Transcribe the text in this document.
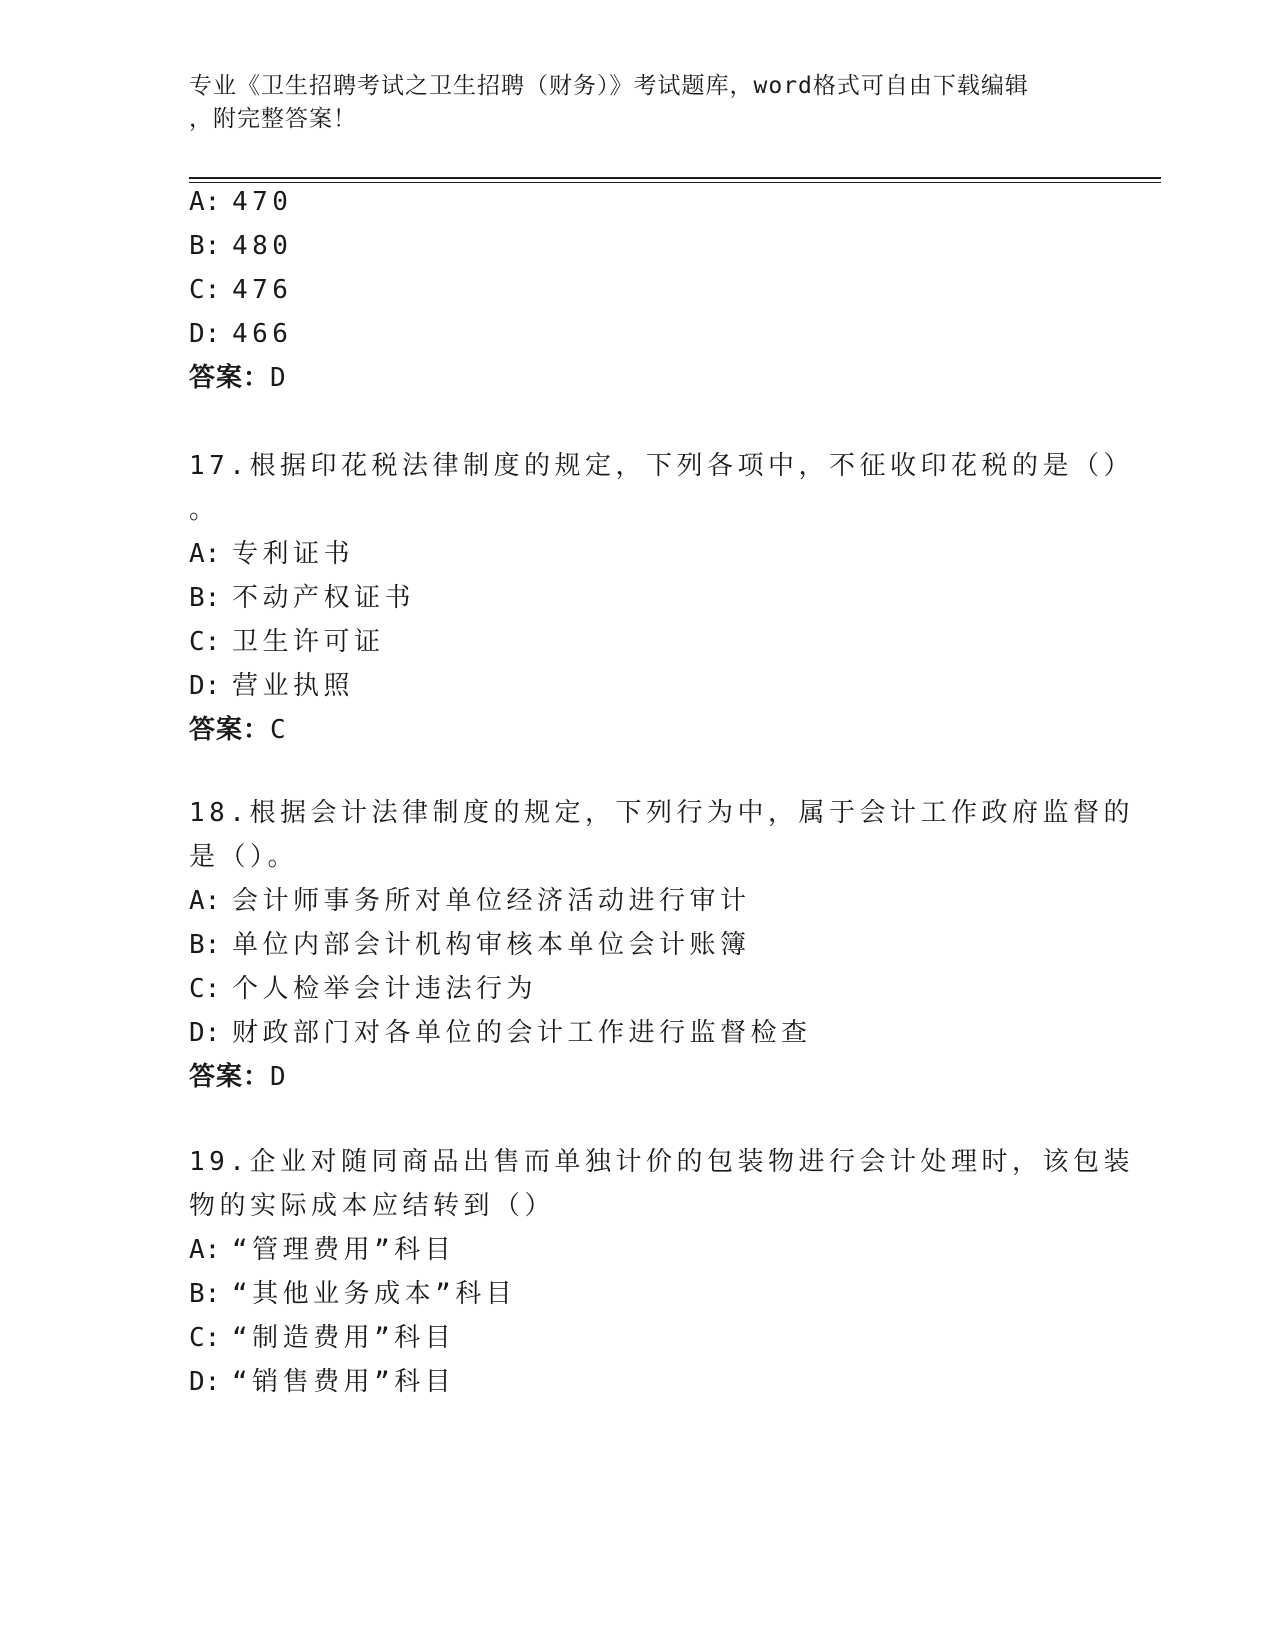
专业《卫生招聘考试之卫生招聘（财务）》考试题库，word格式可自由下载编辑
，附完整答案！
A: 470
B: 480
C: 476
D: 466
答案：D
17.根据印花税法律制度的规定，下列各项中，不征收印花税的是（）
。
A: 专利证书
B: 不动产权证书
C: 卫生许可证
D: 营业执照
答案：C
18.根据会计法律制度的规定，下列行为中，属于会计工作政府监督的
是（）。
A: 会计师事务所对单位经济活动进行审计
B: 单位内部会计机构审核本单位会计账簿
C: 个人检举会计违法行为
D: 财政部门对各单位的会计工作进行监督检查
答案：D
19.企业对随同商品出售而单独计价的包装物进行会计处理时，该包装
物的实际成本应结转到（）
A: “管理费用”科目
B: “其他业务成本”科目
C: “制造费用”科目
D: “销售费用”科目
